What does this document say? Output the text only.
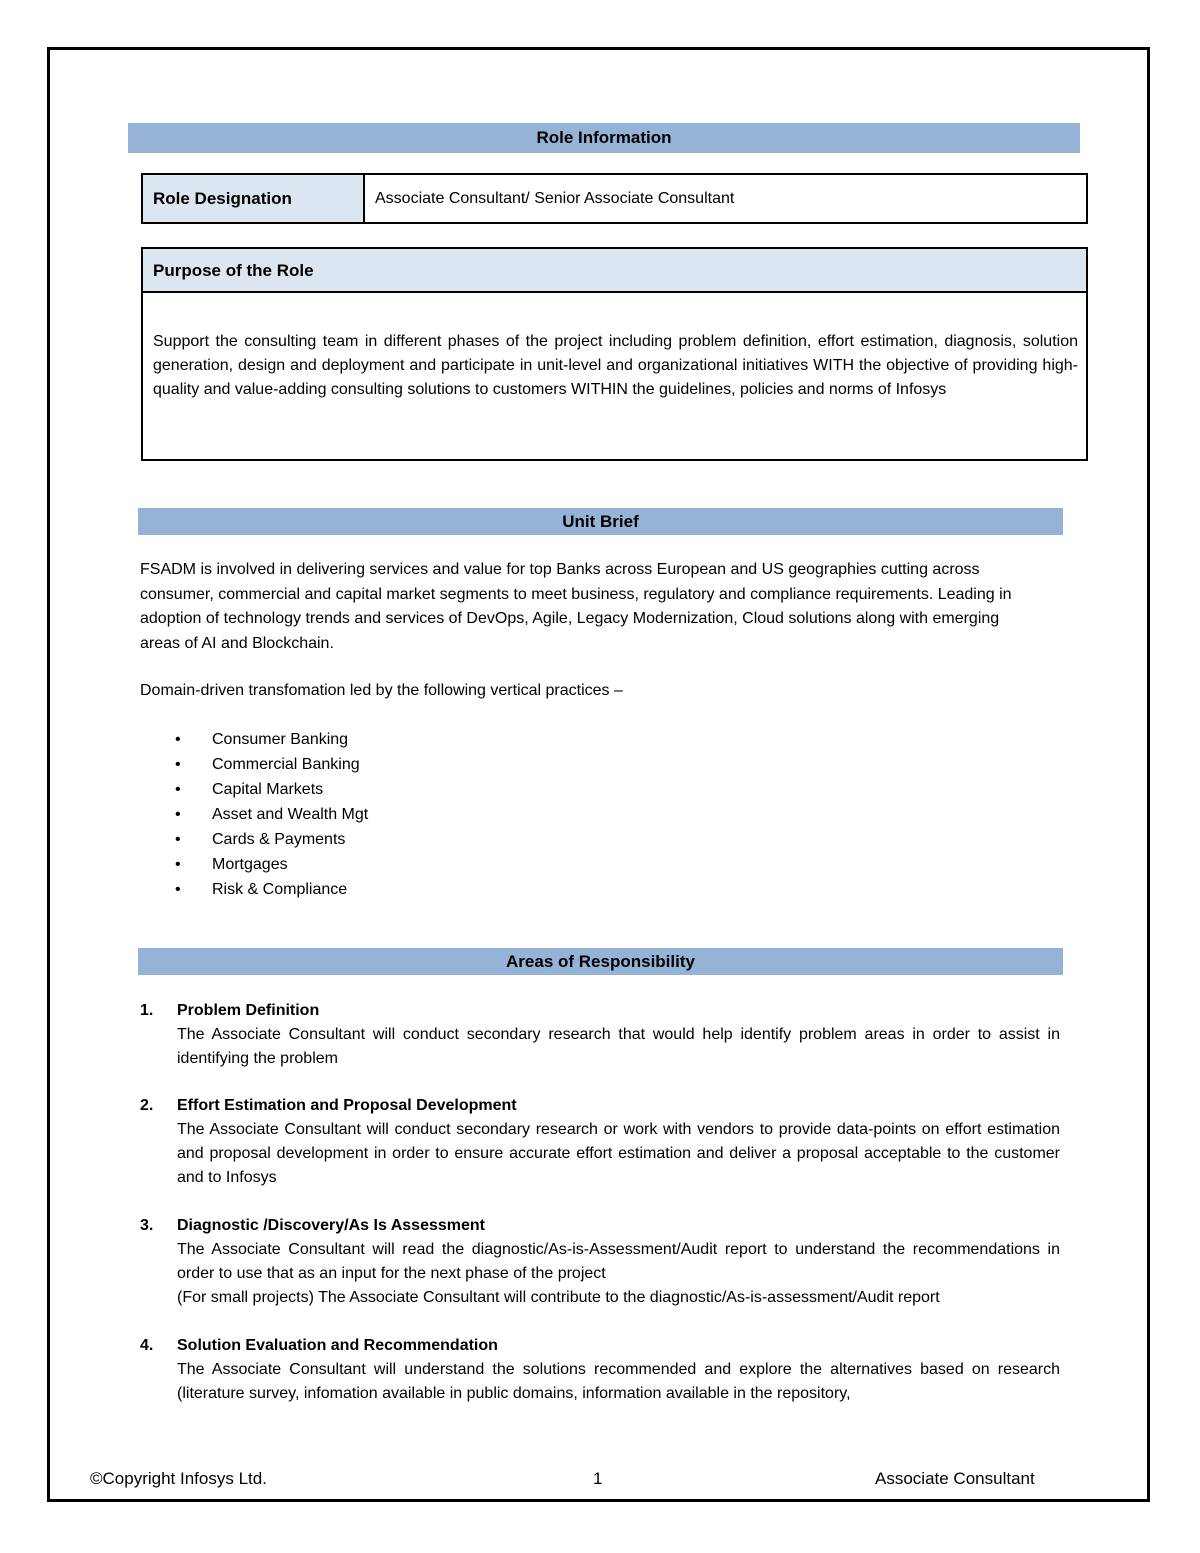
Role Information
Role Designation	Associate Consultant/ Senior Associate Consultant
Purpose of the Role
Support the consulting team in different phases of the project including problem definition, effort estimation, diagnosis, solution generation, design and deployment and participate in unit-level and organizational initiatives WITH the objective of providing high-quality and value-adding consulting solutions to customers WITHIN the guidelines, policies and norms of Infosys
Unit Brief
FSADM is involved in delivering services and value for top Banks across European and US geographies cutting across consumer, commercial and capital market segments to meet business, regulatory and compliance requirements. Leading in adoption of technology trends and services of DevOps, Agile, Legacy Modernization, Cloud solutions along with emerging areas of AI and Blockchain.
Domain-driven transfomation led by the following vertical practices –
• Consumer Banking
• Commercial Banking
• Capital Markets
• Asset and Wealth Mgt
• Cards & Payments
• Mortgages
• Risk & Compliance
Areas of Responsibility
1. Problem Definition
The Associate Consultant will conduct secondary research that would help identify problem areas in order to assist in identifying the problem
2. Effort Estimation and Proposal Development
The Associate Consultant will conduct secondary research or work with vendors to provide data-points on effort estimation and proposal development in order to ensure accurate effort estimation and deliver a proposal acceptable to the customer and to Infosys
3. Diagnostic /Discovery/As Is Assessment
The Associate Consultant will read the diagnostic/As-is-Assessment/Audit report to understand the recommendations in order to use that as an input for the next phase of the project
(For small projects) The Associate Consultant will contribute to the diagnostic/As-is-assessment/Audit report
4. Solution Evaluation and Recommendation
The Associate Consultant will understand the solutions recommended and explore the alternatives based on research (literature survey, infomation available in public domains, information available in the repository,
©Copyright Infosys Ltd.	1	Associate Consultant
